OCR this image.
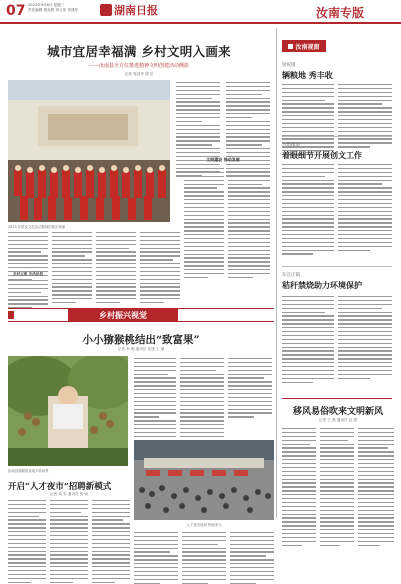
07 2023年9月6日 星期三
责任编辑 胡光辉 刘云菲 李建华	湖南日报	汝南专版
城市宜居幸福满 乡村文明入画来
——汝南县全方位推进精神文明创建活动侧影
记者 周剑华 胡 芸
2023 年群众文化活动期间的欢乐场面
文明建设 推动发展
乡村文明 乡风民俗
乡村振兴视觉
小小猕猴桃结出“致富果”
记者 李 明 通讯员 高建 王 丽
汝南县猕猴桃基地丰收场景
人才夜市现场 热闹非凡
开启“人才夜市”招聘新模式
记者 刘 芳 通讯员 张 伟
汝南视窗
梁祝镇
辆粮地 秀丰收
古塔街道
着眼细节开展创文工作
东官庄镇
秸秆禁烧助力环境保护
移风易俗吹来文明新风
记者 王 燕 通讯员 赵 强
